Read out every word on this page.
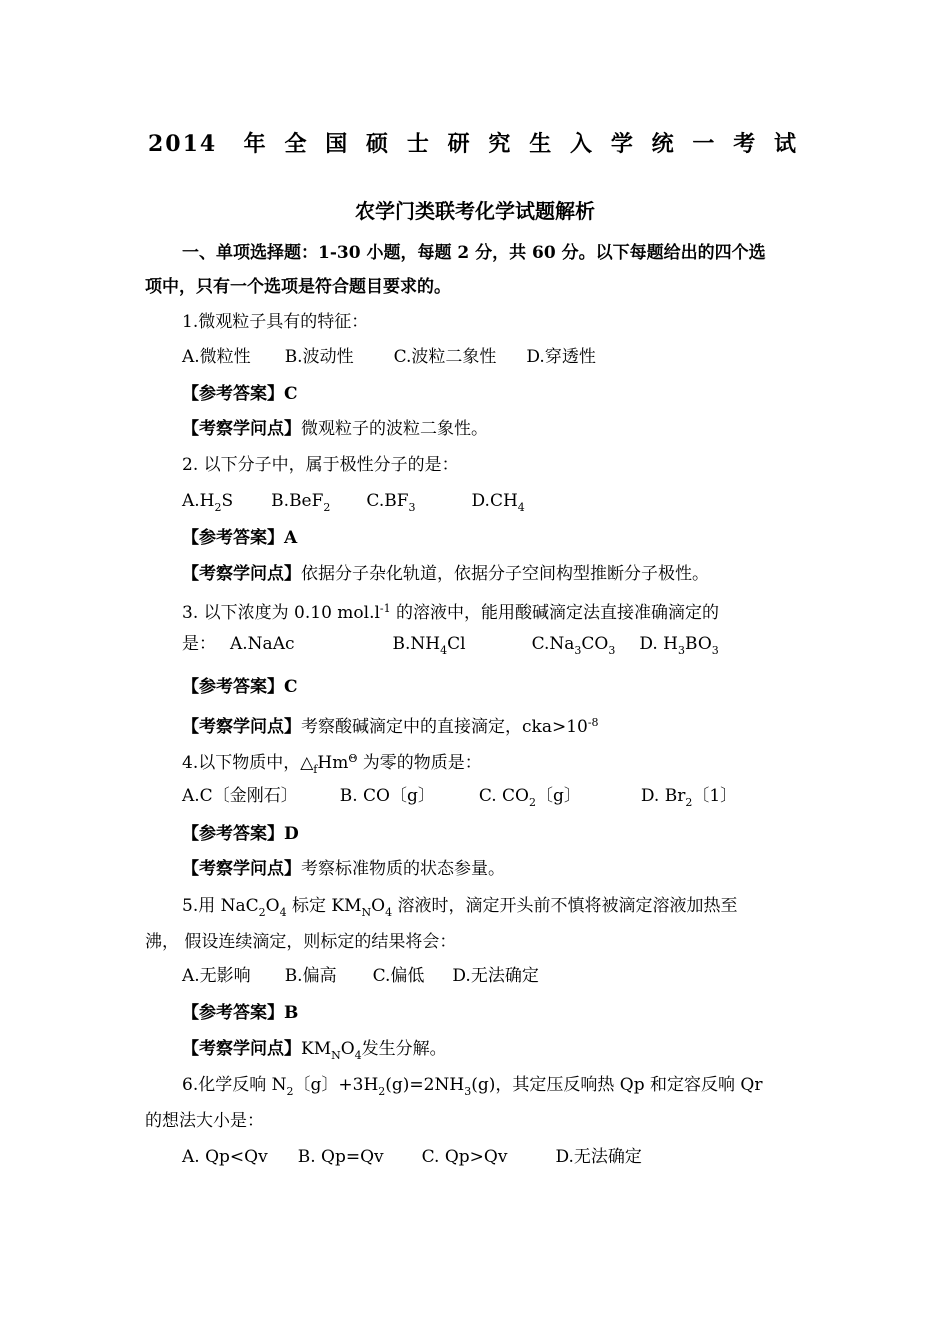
2014 年全国硕士研究生入学统一考试
农学门类联考化学试题解析
一、单项选择题：1-30 小题，每题 2 分，共 60 分。以下每题给出的四个选
项中，只有一个选项是符合题目要求的。
1.微观粒子具有的特征：
A.微粒性 B.波动性 C.波粒二象性 D.穿透性
【参考答案】C
【考察学问点】微观粒子的波粒二象性。
2. 以下分子中，属于极性分子的是：
$A.H_2S$ B.BeF$_2$ $C.BF_3$	$D.CH_4$
【参考答案】A
【考察学问点】依据分子杂化轨道，依据分子空间构型推断分子极性。
3. 以下浓度为 0.10 $mol.l^{-1}$ 的溶液中，能用酸碱滴定法直接准确滴定的
是： A.NaAc	$B.NH_4Cl$	$C.Na_3CO_3$ D. $H_3BO_3$
【参考答案】C
【考察学问点】考察酸碱滴定中的直接滴定，$cka>10^{-8}$
4.以下物质中，$\triangle_fHm^\Theta$ 为零的物质是：
A.C〔金刚石〕 B. CO〔g〕	C. $CO_2$〔g〕	D. $Br_2$〔1〕
【参考答案】D
【考察学问点】考察标准物质的状态参量。
5.用 $NaC_2O_4$ 标定 $KM_NO_4$ 溶液时，滴定开头前不慎将被滴定溶液加热至
沸， 假设连续滴定，则标定的结果将会：
A.无影响 B.偏高 C.偏低 D.无法确定
【参考答案】B
【考察学问点】$KM_NO_4$发生分解。
6.化学反响 $N_2$〔g〕$+3H_2(g)=2NH_3(g)$，其定压反响热 Qp 和定容反响 Qr
的想法大小是：
A. Qp<Qv B. Qp=Qv C. Qp>Qv	D.无法确定
